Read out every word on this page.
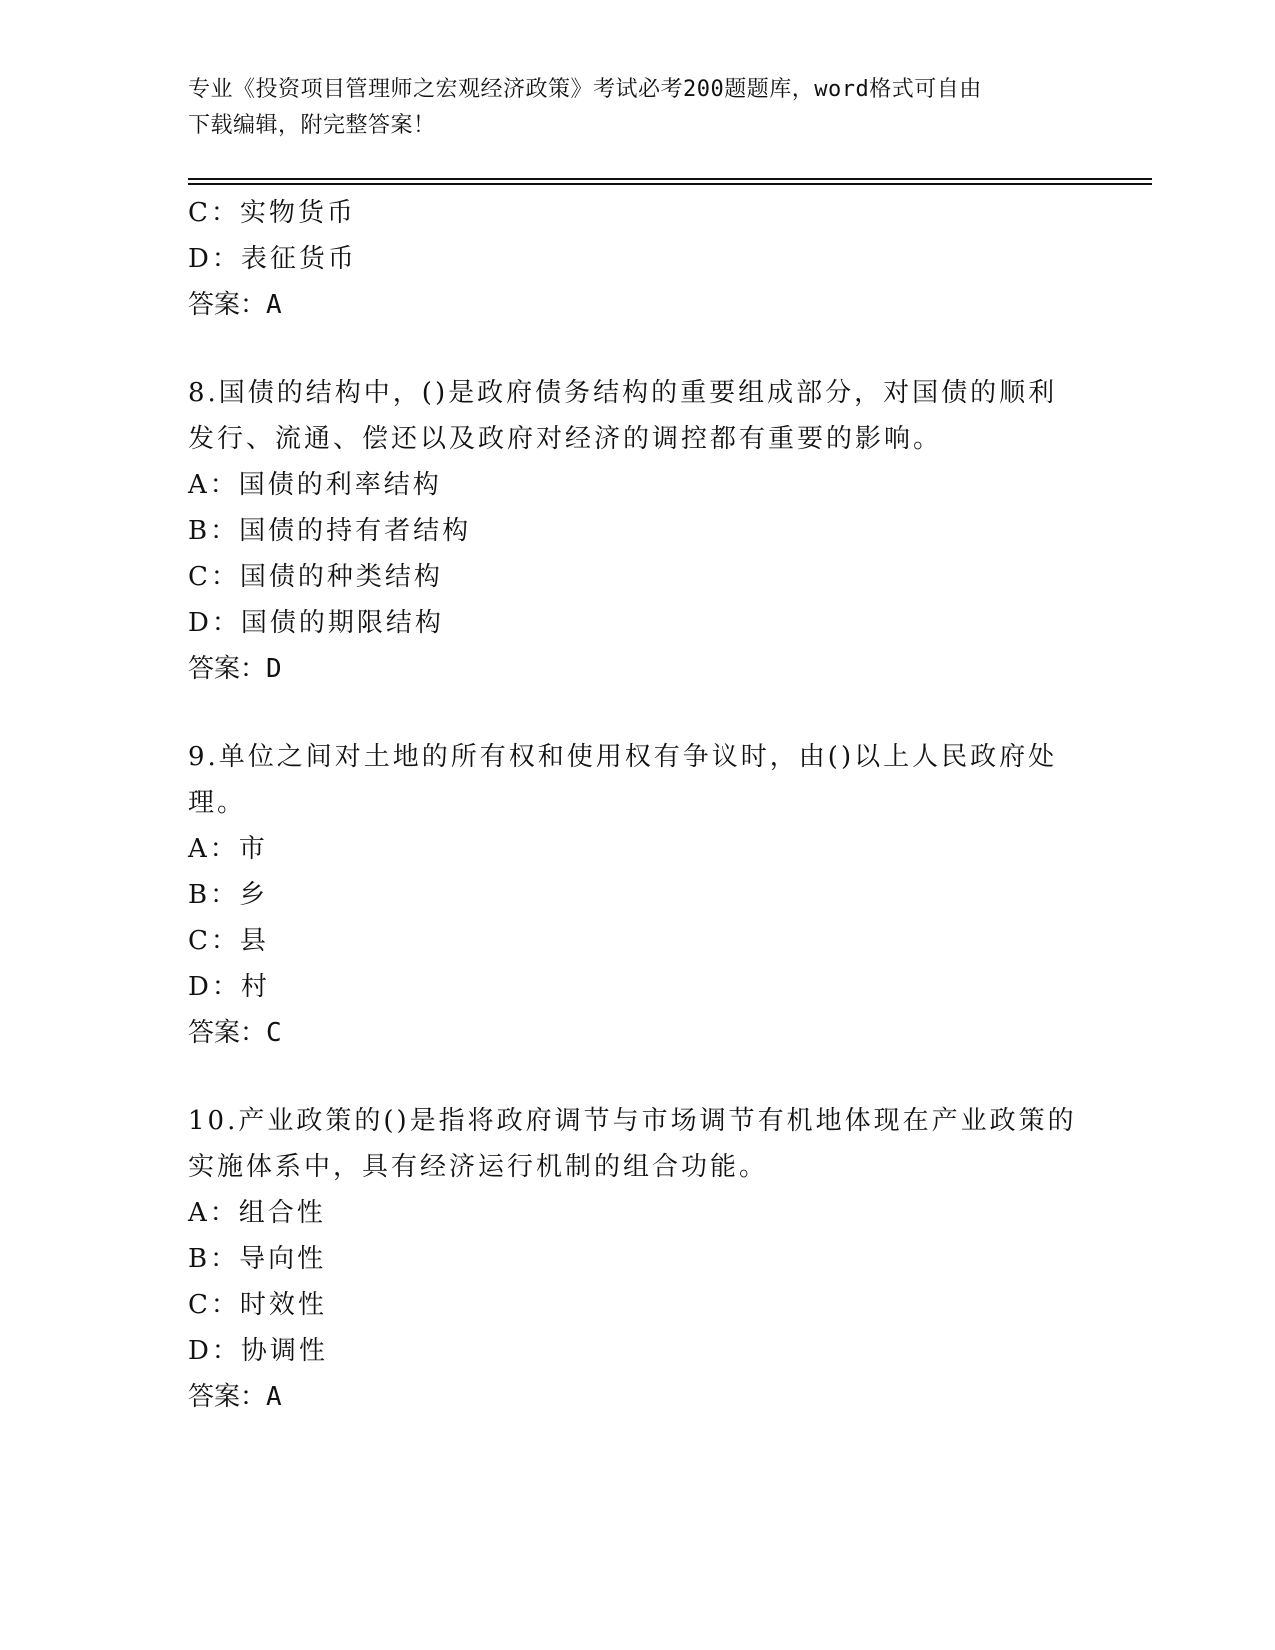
专业《投资项目管理师之宏观经济政策》考试必考200题题库，word格式可自由
下载编辑，附完整答案！

C：实物货币

D：表征货币

答案：A

8.国债的结构中，()是政府债务结构的重要组成部分，对国债的顺利

发行、流通、偿还以及政府对经济的调控都有重要的影响。

A：国债的利率结构

B：国债的持有者结构

C：国债的种类结构

D：国债的期限结构

答案：D

9.单位之间对土地的所有权和使用权有争议时，由()以上人民政府处

理。

A：市

B：乡

C：县

D：村

答案：C

10.产业政策的()是指将政府调节与市场调节有机地体现在产业政策的

实施体系中，具有经济运行机制的组合功能。

A：组合性

B：导向性

C：时效性

D：协调性

答案：A
